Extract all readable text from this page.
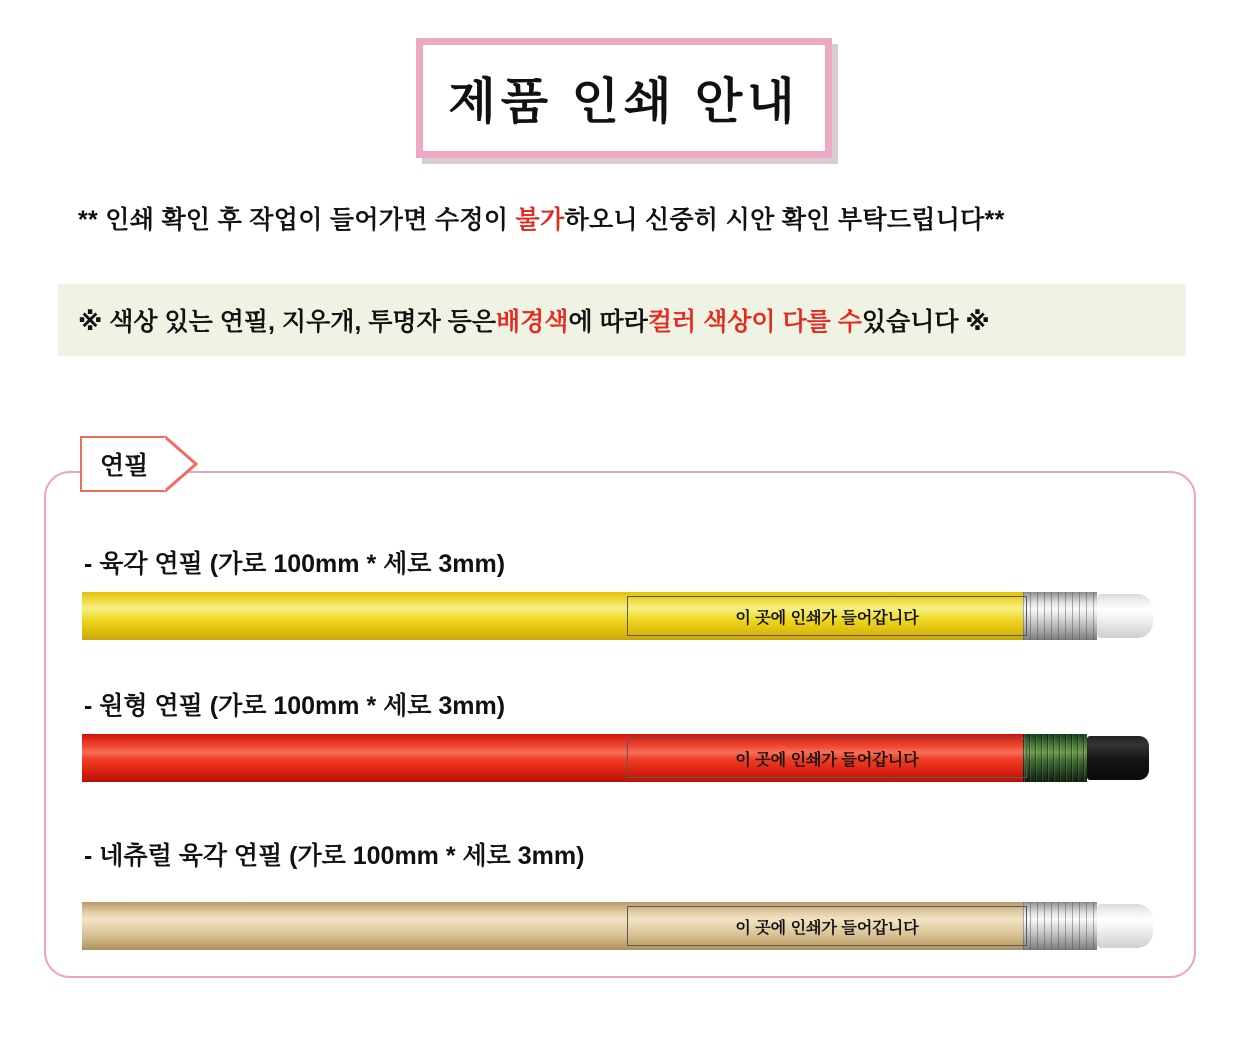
제품 인쇄 안내
** 인쇄 확인 후 작업이 들어가면 수정이 불가하오니 신중히 시안 확인 부탁드립니다**
※ 색상 있는 연필, 지우개, 투명자 등은 배경색 에 따라 컬러 색상이 다를 수 있습니다 ※
연필
- 육각 연필 (가로 100mm * 세로 3mm)
이 곳에 인쇄가 들어갑니다
- 원형 연필 (가로 100mm * 세로 3mm)
이 곳에 인쇄가 들어갑니다
- 네츄럴 육각 연필 (가로 100mm * 세로 3mm)
이 곳에 인쇄가 들어갑니다
